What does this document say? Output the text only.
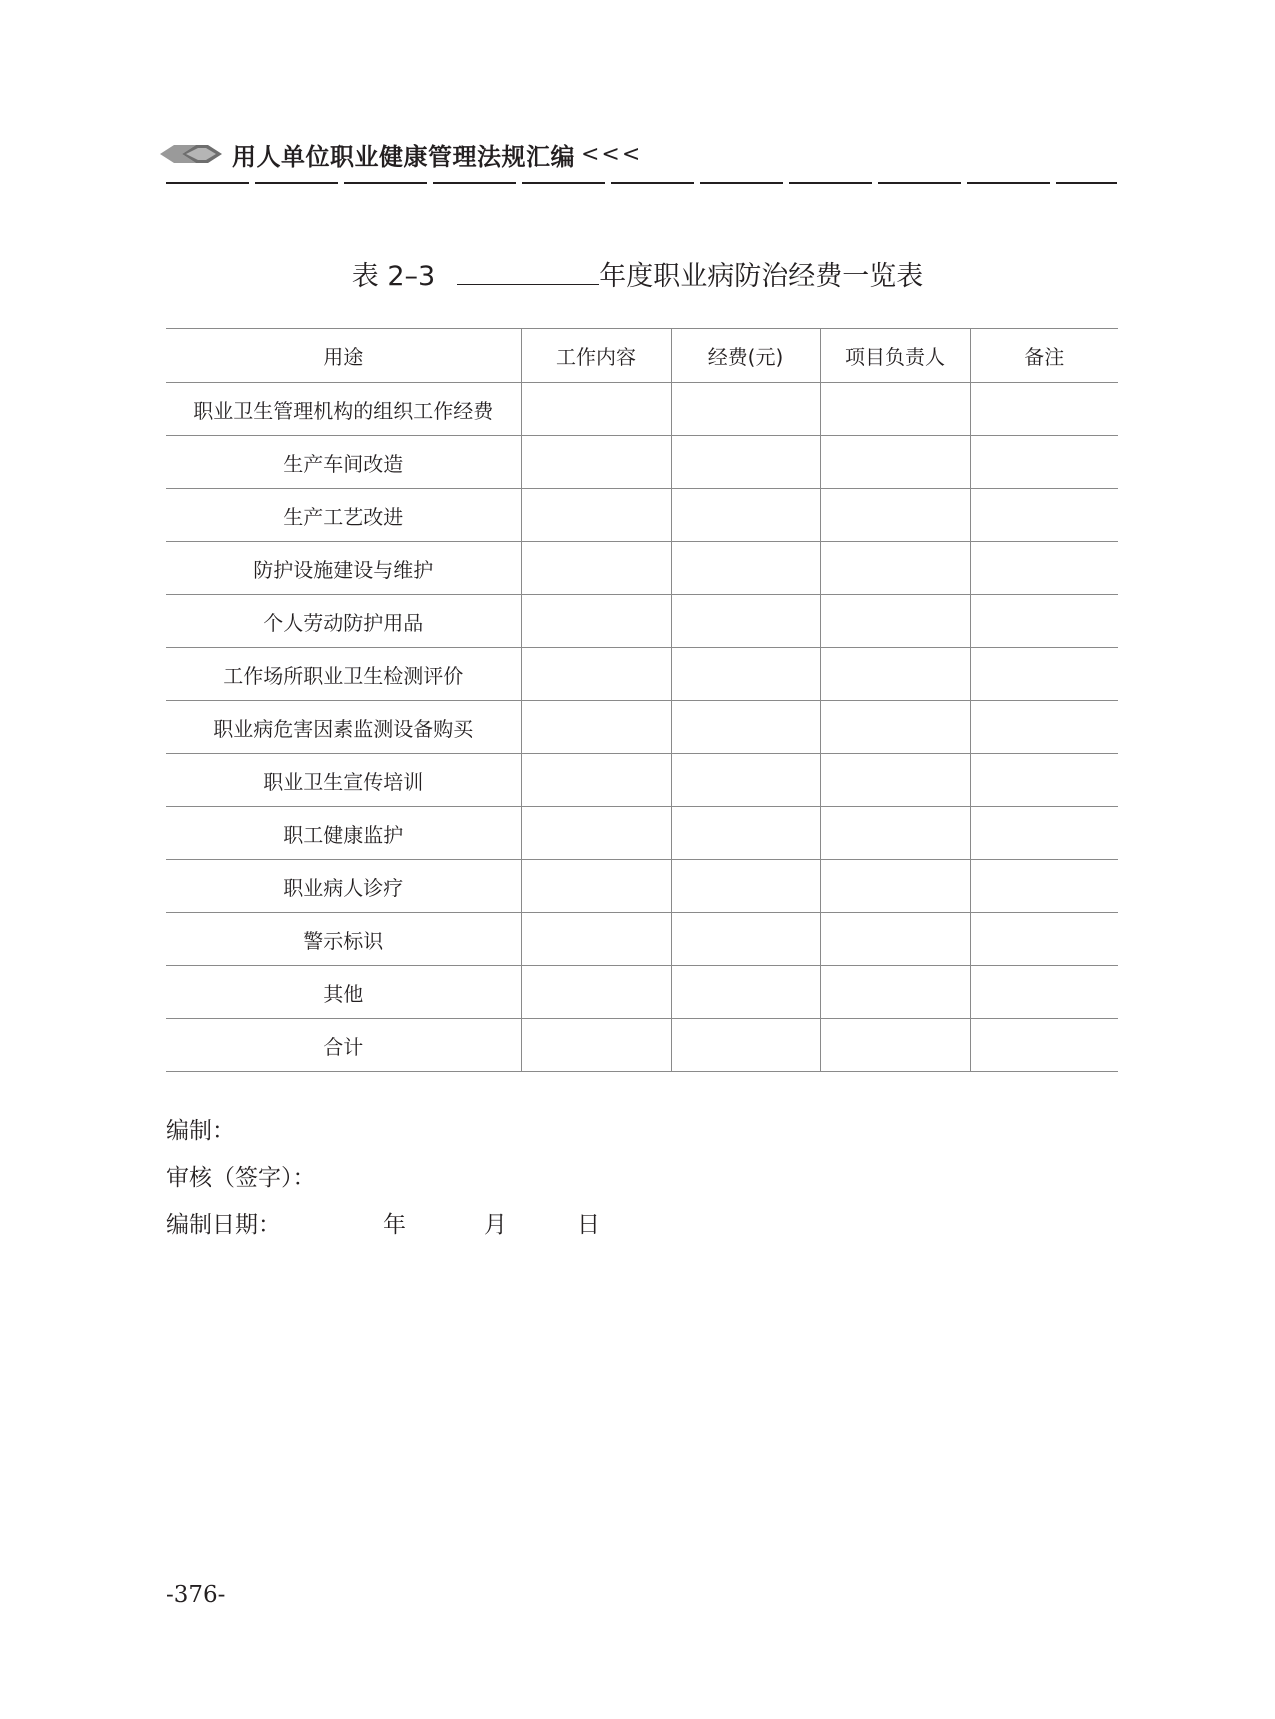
用人单位职业健康管理法规汇编 <<<
表 2–3	年度职业病防治经费一览表
用途	工作内容	经费(元)	项目负责人	备注
职业卫生管理机构的组织工作经费				
生产车间改造				
生产工艺改进				
防护设施建设与维护				
个人劳动防护用品				
工作场所职业卫生检测评价				
职业病危害因素监测设备购买				
职业卫生宣传培训				
职工健康监护				
职业病人诊疗				
警示标识				
其他				
合计				
编制：
审核（签字）：
编制日期：	年	月	日
-376-
